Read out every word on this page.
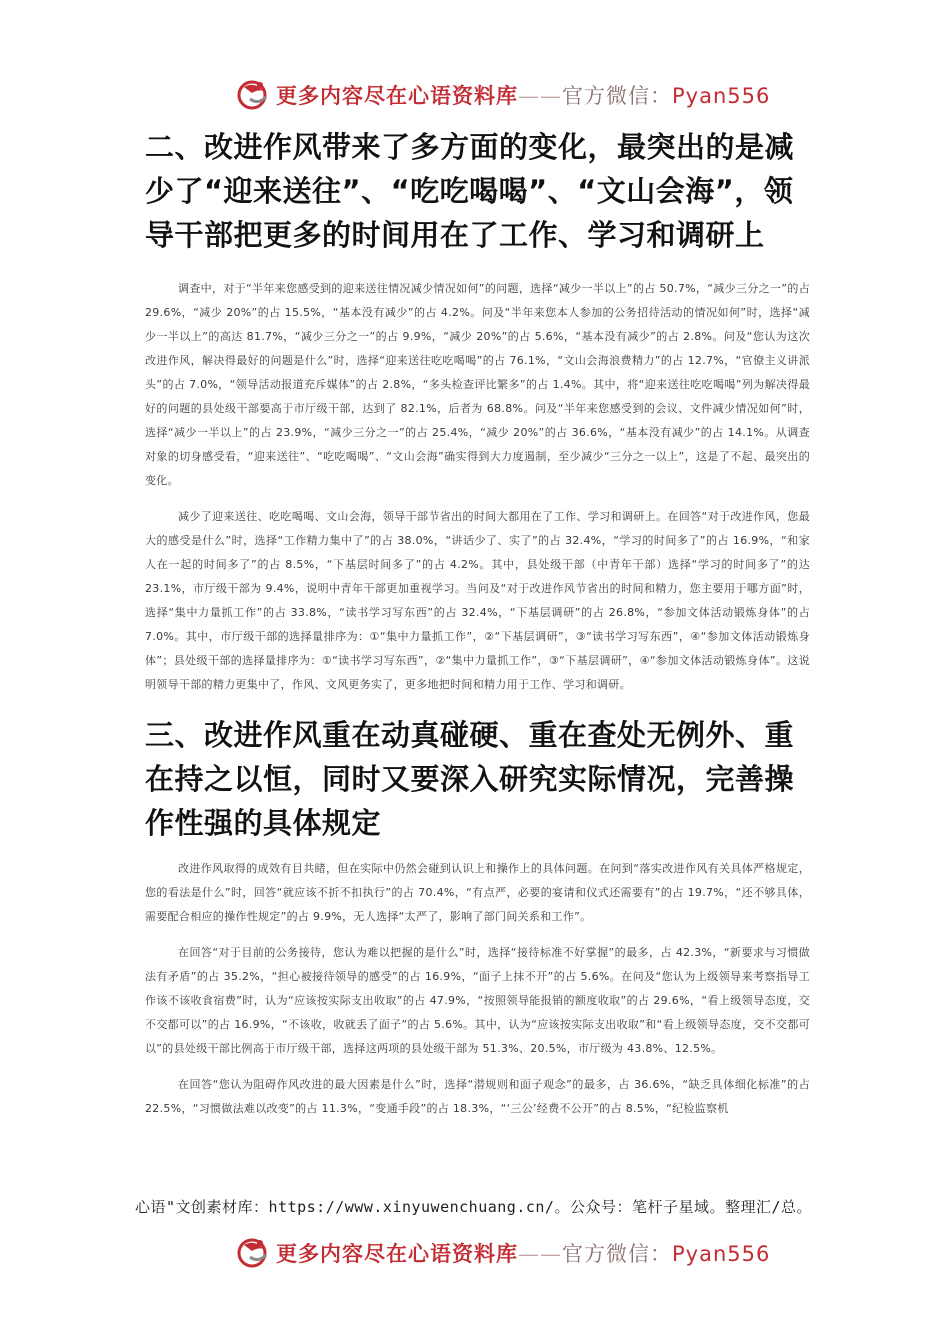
更多内容尽在心语资料库——官方微信：Pyan556
二、改进作风带来了多方面的变化，最突出的是减少了“迎来送往”、“吃吃喝喝”、“文山会海”，领导干部把更多的时间用在了工作、学习和调研上

调查中，对于“半年来您感受到的迎来送往情况减少情况如何”的问题，选择“减少一半以上”的占 50.7%，“减少三分之一”的占 29.6%，“减少 20%”的占 15.5%，“基本没有减少”的占 4.2%。问及“半年来您本人参加的公务招待活动的情况如何”时，选择“减少一半以上”的高达 81.7%，“减少三分之一”的占 9.9%，“减少 20%”的占 5.6%，“基本没有减少”的占 2.8%。问及“您认为这次改进作风，解决得最好的问题是什么”时，选择“迎来送往吃吃喝喝”的占 76.1%，“文山会海浪费精力”的占 12.7%，“官僚主义讲派头”的占 7.0%，“领导活动报道充斥媒体”的占 2.8%，“多头检查评比繁多”的占 1.4%。其中，将“迎来送往吃吃喝喝”列为解决得最好的问题的县处级干部要高于市厅级干部，达到了 82.1%，后者为 68.8%。问及“半年来您感受到的会议、文件减少情况如何”时，选择“减少一半以上”的占 23.9%，“减少三分之一”的占 25.4%，“减少 20%”的占 36.6%，“基本没有减少”的占 14.1%。从调查对象的切身感受看，“迎来送往”、“吃吃喝喝”、“文山会海”确实得到大力度遏制，至少减少“三分之一以上”，这是了不起、最突出的变化。

减少了迎来送往、吃吃喝喝、文山会海，领导干部节省出的时间大都用在了工作、学习和调研上。在回答“对于改进作风，您最大的感受是什么”时，选择“工作精力集中了”的占 38.0%，“讲话少了、实了”的占 32.4%，“学习的时间多了”的占 16.9%，“和家人在一起的时间多了”的占 8.5%，“下基层时间多了”的占 4.2%。其中，县处级干部（中青年干部）选择“学习的时间多了”的达 23.1%，市厅级干部为 9.4%，说明中青年干部更加重视学习。当问及“对于改进作风节省出的时间和精力，您主要用于哪方面”时，选择“集中力量抓工作”的占 33.8%，“读书学习写东西”的占 32.4%，“下基层调研”的占 26.8%，“参加文体活动锻炼身体”的占 7.0%。其中，市厅级干部的选择量排序为：①“集中力量抓工作”，②“下基层调研”，③“读书学习写东西”，④“参加文体活动锻炼身体”；县处级干部的选择量排序为：①“读书学习写东西”，②“集中力量抓工作”，③“下基层调研”，④“参加文体活动锻炼身体”。这说明领导干部的精力更集中了，作风、文风更务实了，更多地把时间和精力用于工作、学习和调研。

三、改进作风重在动真碰硬、重在查处无例外、重在持之以恒，同时又要深入研究实际情况，完善操作性强的具体规定

改进作风取得的成效有目共睹，但在实际中仍然会碰到认识上和操作上的具体问题。在问到“落实改进作风有关具体严格规定，您的看法是什么”时，回答“就应该不折不扣执行”的占 70.4%，“有点严，必要的宴请和仪式还需要有”的占 19.7%，“还不够具体，需要配合相应的操作性规定”的占 9.9%，无人选择“太严了，影响了部门间关系和工作”。

在回答“对于目前的公务接待，您认为难以把握的是什么”时，选择“接待标准不好掌握”的最多，占 42.3%，“新要求与习惯做法有矛盾”的占 35.2%，“担心被接待领导的感受”的占 16.9%，“面子上抹不开”的占 5.6%。在问及“您认为上级领导来考察指导工作该不该收食宿费”时，认为“应该按实际支出收取”的占 47.9%，“按照领导能报销的额度收取”的占 29.6%，“看上级领导态度，交不交都可以”的占 16.9%，“不该收，收就丢了面子”的占 5.6%。其中，认为“应该按实际支出收取”和“看上级领导态度，交不交都可以”的县处级干部比例高于市厅级干部，选择这两项的县处级干部为 51.3%、20.5%，市厅级为 43.8%、12.5%。

在回答“您认为阻碍作风改进的最大因素是什么”时，选择“潜规则和面子观念”的最多，占 36.6%，“缺乏具体细化标准”的占 22.5%，“习惯做法难以改变”的占 11.3%，“变通手段”的占 18.3%，“‘三公’经费不公开”的占 8.5%，“纪检监察机

心语"文创素材库：https://www.xinyuwenchuang.cn/。公众号：笔杆子星域。整理汇/总。
更多内容尽在心语资料库——官方微信：Pyan556
